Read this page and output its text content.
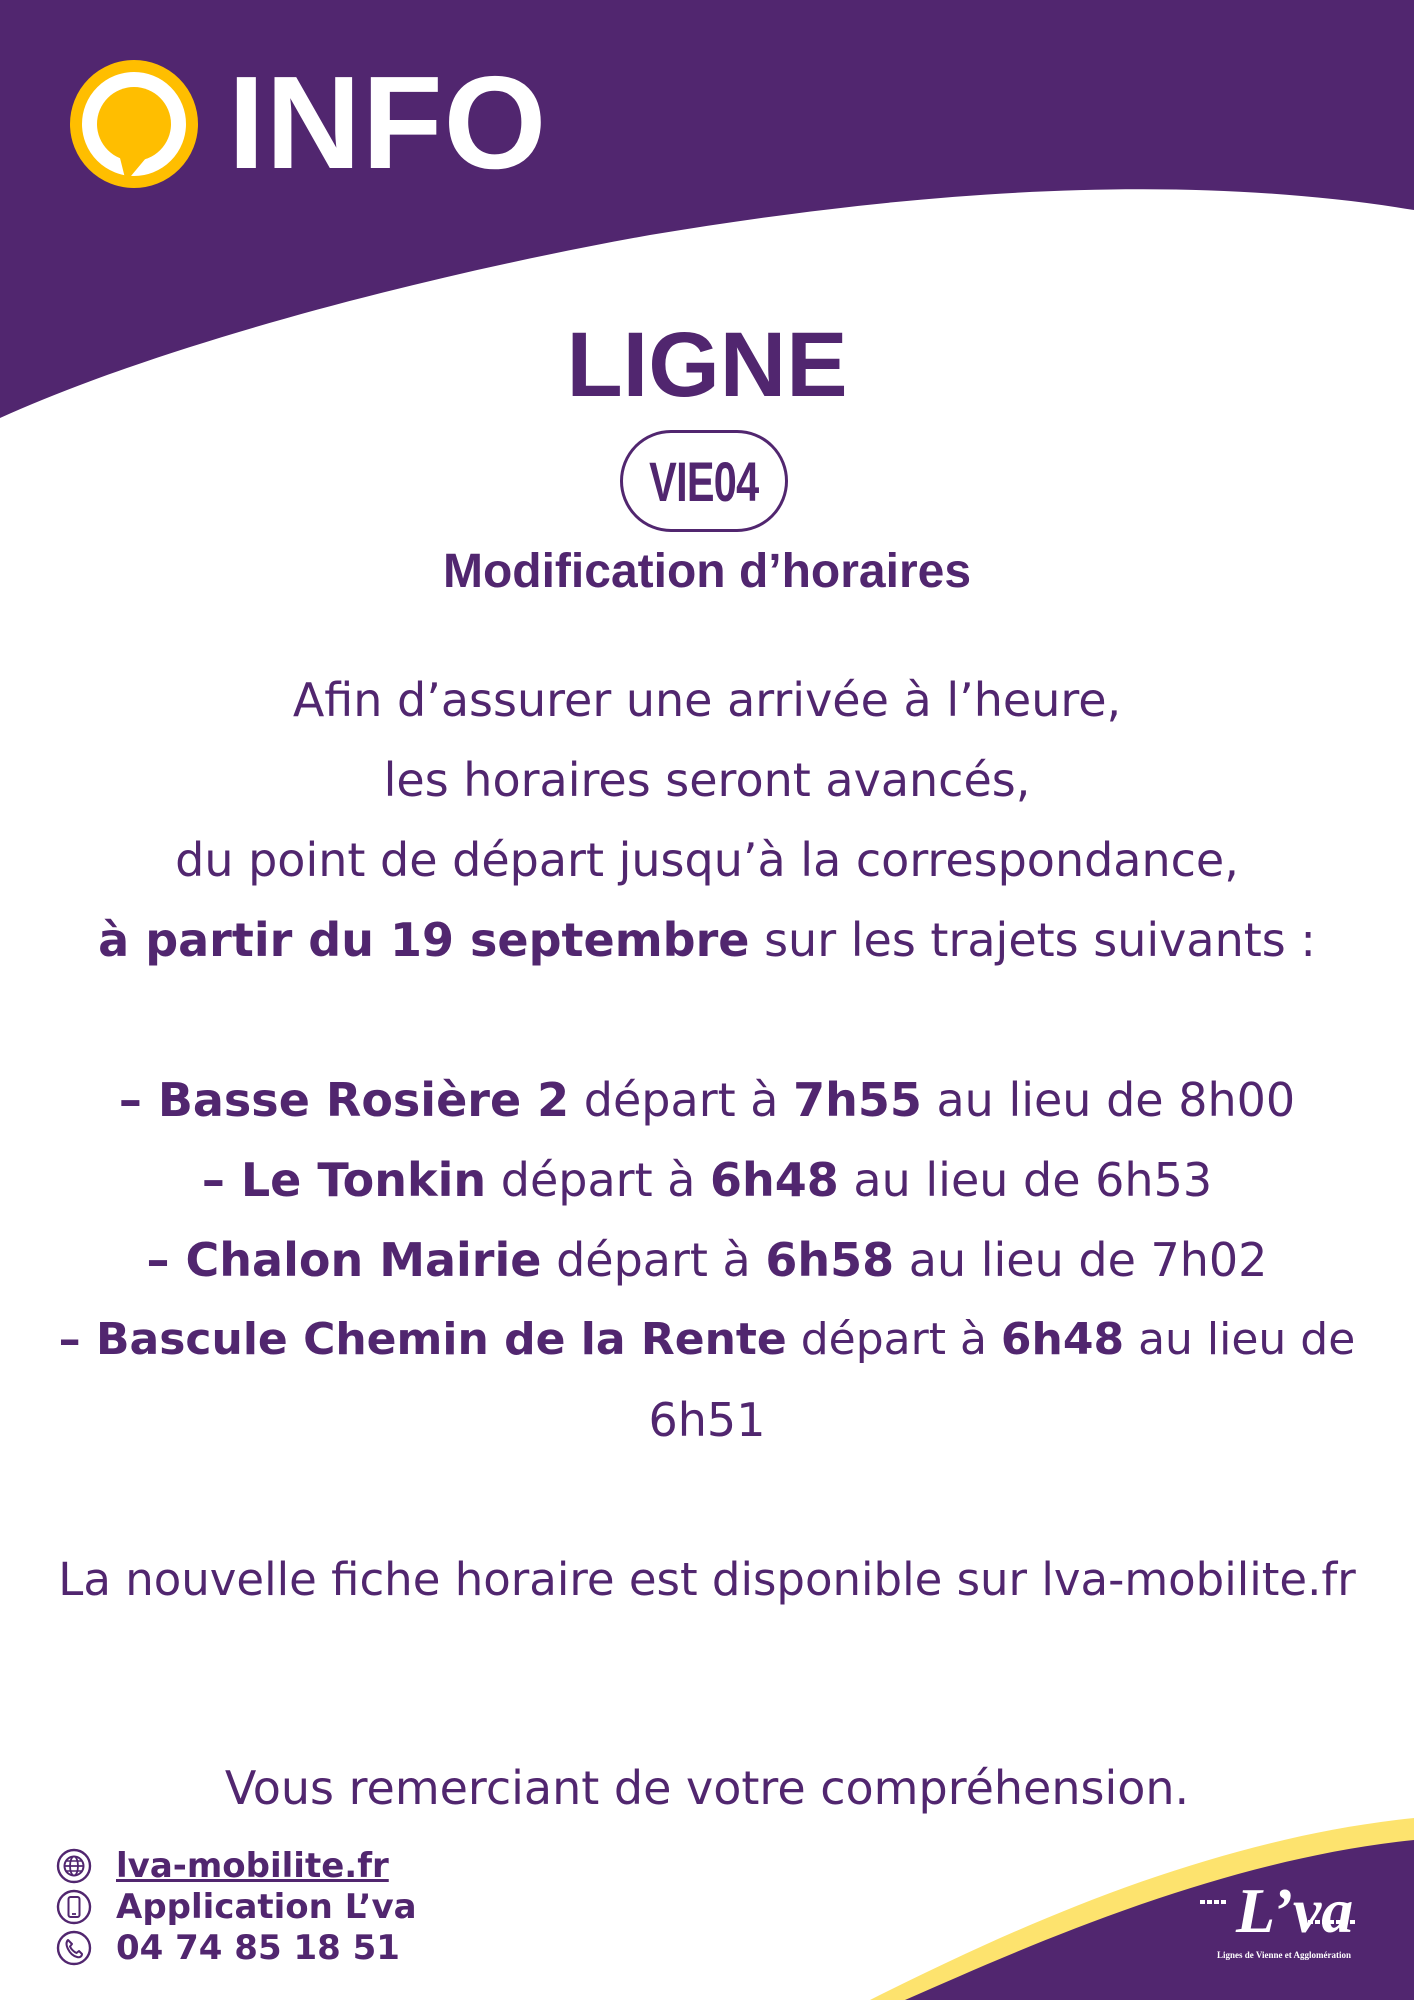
INFO
LIGNE
VIE04
Modification d’horaires
Afin d’assurer une arrivée à l’heure,
les horaires seront avancés,
du point de départ jusqu’à la correspondance,
à partir du 19 septembre sur les trajets suivants :
– Basse Rosière 2 départ à 7h55 au lieu de 8h00
– Le Tonkin départ à 6h48 au lieu de 6h53
– Chalon Mairie départ à 6h58 au lieu de 7h02
– Bascule Chemin de la Rente départ à 6h48 au lieu de
6h51
La nouvelle fiche horaire est disponible sur lva-mobilite.fr
Vous remerciant de votre compréhension.
lva-mobilite.fr
Application L’va
04 74 85 18 51
L’va
Lignes de Vienne et Agglomération
